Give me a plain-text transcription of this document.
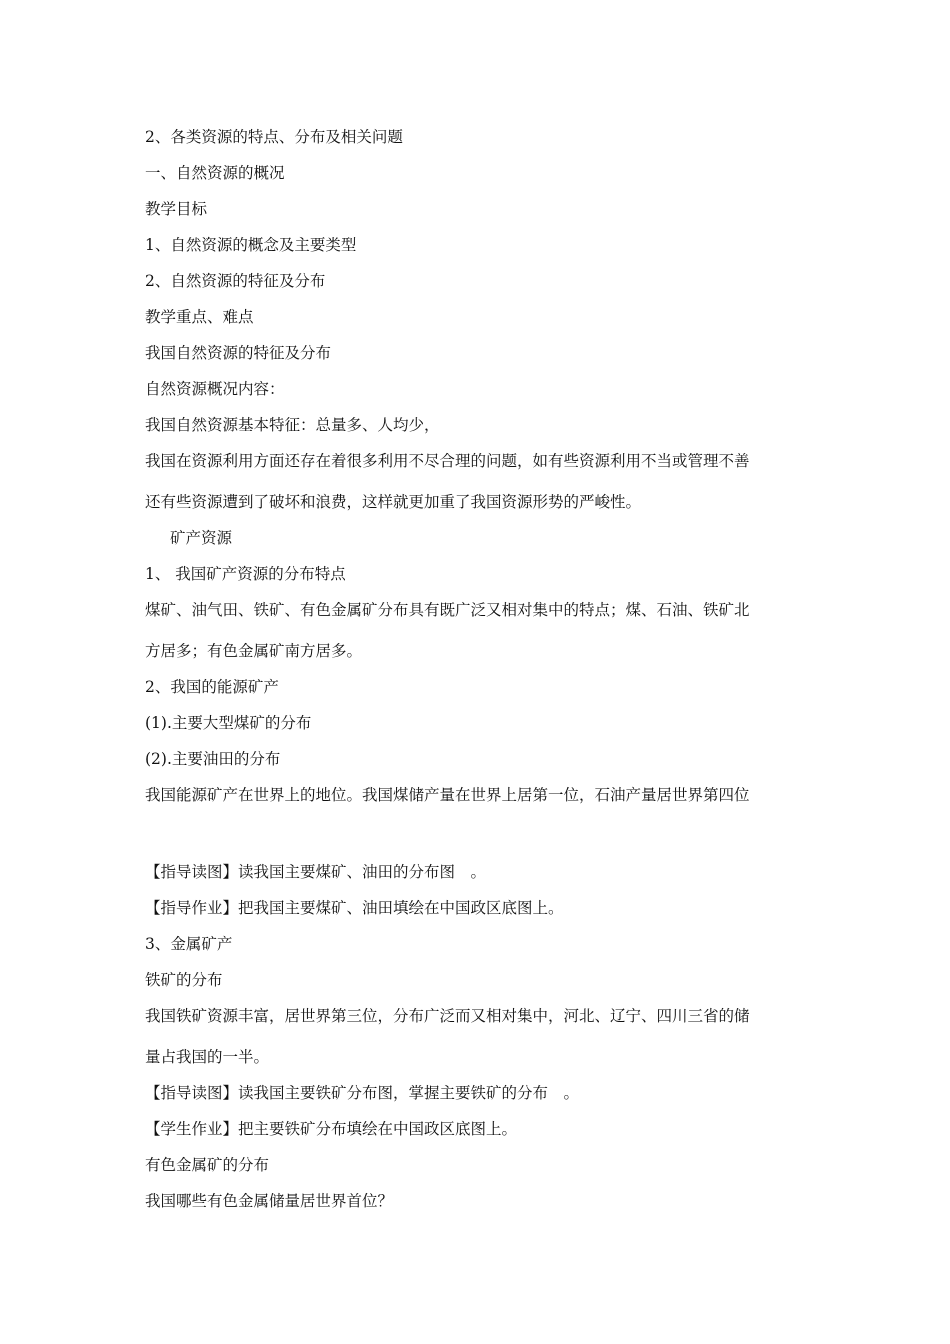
2、各类资源的特点、分布及相关问题
一、自然资源的概况
教学目标
1、自然资源的概念及主要类型
2、自然资源的特征及分布
教学重点、难点
我国自然资源的特征及分布
自然资源概况内容：
我国自然资源基本特征：总量多、人均少，
我国在资源利用方面还存在着很多利用不尽合理的问题，如有些资源利用不当或管理不善
还有些资源遭到了破坏和浪费，这样就更加重了我国资源形势的严峻性。
矿产资源
1、 我国矿产资源的分布特点
煤矿、油气田、铁矿、有色金属矿分布具有既广泛又相对集中的特点；煤、石油、铁矿北
方居多；有色金属矿南方居多。
2、我国的能源矿产
(1).主要大型煤矿的分布
(2).主要油田的分布
我国能源矿产在世界上的地位。我国煤储产量在世界上居第一位，石油产量居世界第四位
【指导读图】读我国主要煤矿、油田的分布图　。
【指导作业】把我国主要煤矿、油田填绘在中国政区底图上。
3、金属矿产
铁矿的分布
我国铁矿资源丰富，居世界第三位，分布广泛而又相对集中，河北、辽宁、四川三省的储
量占我国的一半。
【指导读图】读我国主要铁矿分布图，掌握主要铁矿的分布　。
【学生作业】把主要铁矿分布填绘在中国政区底图上。
有色金属矿的分布
我国哪些有色金属储量居世界首位？
